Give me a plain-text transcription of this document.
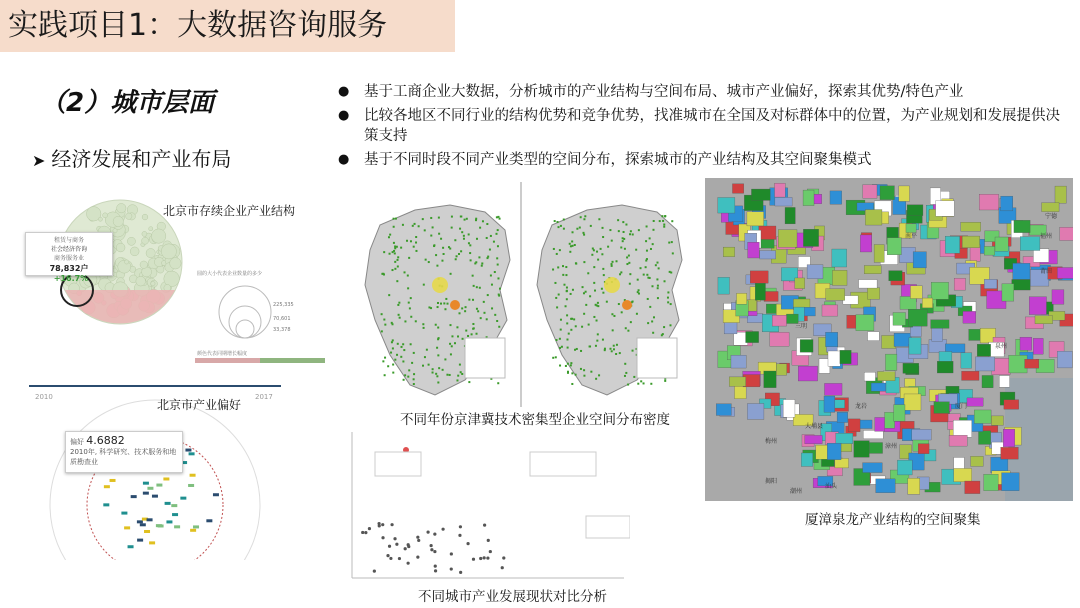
实践项目1：大数据咨询服务
（2）城市层面
➤ 经济发展和产业布局
● 基于工商企业大数据，分析城市的产业结构与空间布局、城市产业偏好，探索其优势/特色产业
● 比较各地区不同行业的结构优势和竞争优势，找准城市在全国及对标群体中的位置，为产业规划和发展提供决策支持
● 基于不同时段不同产业类型的空间分布，探索城市的产业结构及其空间聚集模式
北京市存续企业产业结构
租赁与商务
社会经济咨询
商务服务业
78,832户 +16.7%	圆的大小代表企业数量的多少
225,335
70,601
33,378
颜色代表同期增长幅度
2010	2017
北京市产业偏好
偏好 4.6882
2010年, 科学研究、技术服务和地
质勘查业
不同年份京津冀技术密集型企业空间分布密度
不同城市产业发展现状对比分析
南平
宁德
三明
龙岩
梅州
大埔县
漳州
厦门
潮州
揭阳
汕头
莆田
泉州
福州
厦漳泉龙产业结构的空间聚集
